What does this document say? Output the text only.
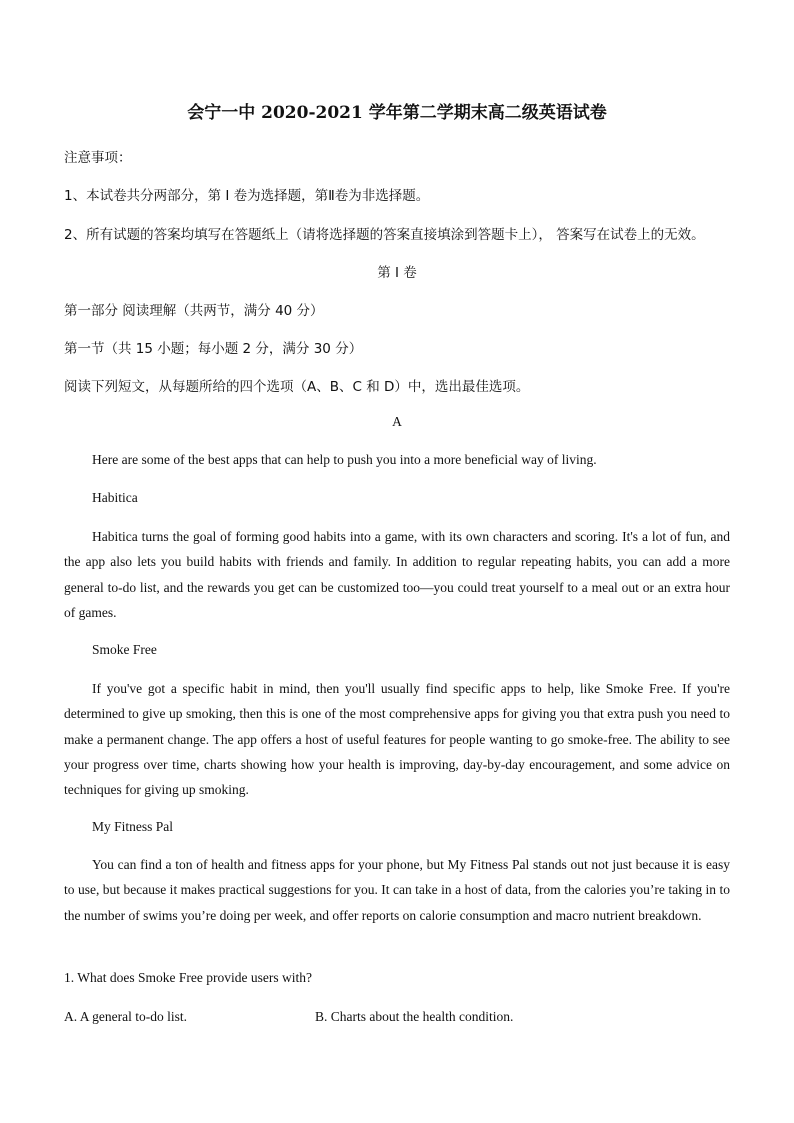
会宁一中 2020-2021 学年第二学期末高二级英语试卷

注意事项：

1、本试卷共分两部分，第 I 卷为选择题，第Ⅱ卷为非选择题。

2、所有试题的答案均填写在答题纸上（请将选择题的答案直接填涂到答题卡上）， 答案写在试卷上的无效。

第 I 卷

第一部分 阅读理解（共两节，满分 40 分）

第一节（共 15 小题；每小题 2 分，满分 30 分）

阅读下列短文，从每题所给的四个选项（A、B、C 和 D）中，选出最佳选项。

A

Here are some of the best apps that can help to push you into a more beneficial way of living.

Habitica

Habitica turns the goal of forming good habits into a game, with its own characters and scoring. It's a lot of fun, and the app also lets you build habits with friends and family. In addition to regular repeating habits, you can add a more general to-do list, and the rewards you get can be customized too—you could treat yourself to a meal out or an extra hour of games.

Smoke Free

If you've got a specific habit in mind, then you'll usually find specific apps to help, like Smoke Free. If you're determined to give up smoking, then this is one of the most comprehensive apps for giving you that extra push you need to make a permanent change. The app offers a host of useful features for people wanting to go smoke-free. The ability to see your progress over time, charts showing how your health is improving, day-by-day encouragement, and some advice on techniques for giving up smoking.

My Fitness Pal

You can find a ton of health and fitness apps for your phone, but My Fitness Pal stands out not just because it is easy to use, but because it makes practical suggestions for you. It can take in a host of data, from the calories you’re taking in to the number of swims you’re doing per week, and offer reports on calorie consumption and macro nutrient breakdown.

1. What does Smoke Free provide users with?

A. A general to-do list.	B. Charts about the health condition.
